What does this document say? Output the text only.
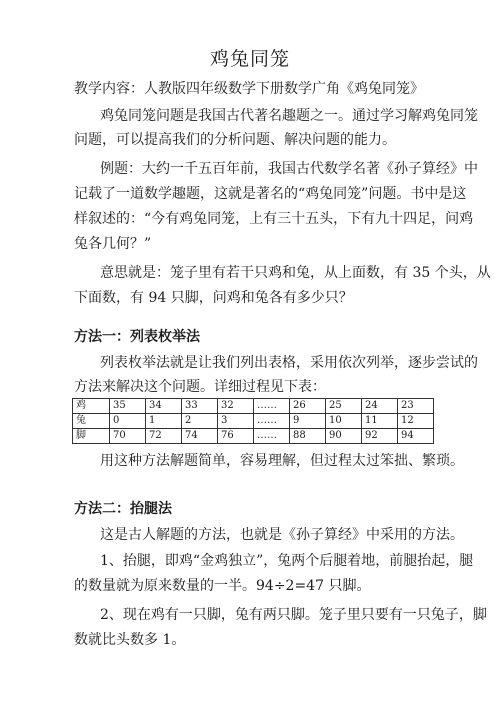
鸡兔同笼
教学内容：人教版四年级数学下册数学广角《鸡兔同笼》
鸡兔同笼问题是我国古代著名趣题之一。通过学习解鸡兔同笼
问题，可以提高我们的分析问题、解决问题的能力。
例题：大约一千五百年前，我国古代数学名著《孙子算经》中
记载了一道数学趣题，这就是著名的“鸡兔同笼”问题。书中是这
样叙述的：“今有鸡兔同笼，上有三十五头，下有九十四足，问鸡
兔各几何？”
意思就是：笼子里有若干只鸡和兔，从上面数，有 35 个头，从
下面数，有 94 只脚，问鸡和兔各有多少只？
方法一：列表枚举法
列表枚举法就是让我们列出表格，采用依次列举，逐步尝试的
方法来解决这个问题。详细过程见下表：
鸡	35	34	33	32	……	26	25	24	23
兔	0	1	2	3	……	9	10	11	12
脚	70	72	74	76	……	88	90	92	94
用这种方法解题简单，容易理解，但过程太过笨拙、繁琐。
方法二：抬腿法
这是古人解题的方法，也就是《孙子算经》中采用的方法。
1、抬腿，即鸡“金鸡独立”，兔两个后腿着地，前腿抬起，腿
的数量就为原来数量的一半。94÷2=47 只脚。
2、现在鸡有一只脚，兔有两只脚。笼子里只要有一只兔子，脚
数就比头数多 1。
